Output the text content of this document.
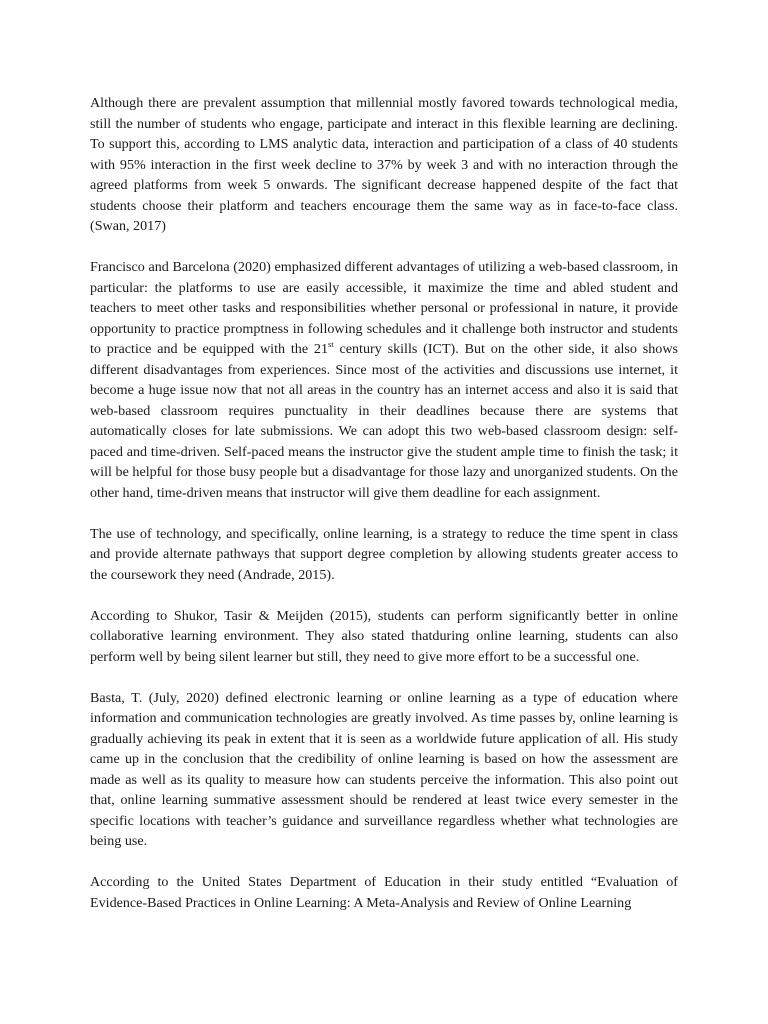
Although there are prevalent assumption that millennial mostly favored towards technological media, still the number of students who engage, participate and interact in this flexible learning are declining. To support this, according to LMS analytic data, interaction and participation of a class of 40 students with 95% interaction in the first week decline to 37% by week 3 and with no interaction through the agreed platforms from week 5 onwards. The significant decrease happened despite of the fact that students choose their platform and teachers encourage them the same way as in face-to-face class. (Swan, 2017)

Francisco and Barcelona (2020) emphasized different advantages of utilizing a web-based classroom, in particular: the platforms to use are easily accessible, it maximize the time and abled student and teachers to meet other tasks and responsibilities whether personal or professional in nature, it provide opportunity to practice promptness in following schedules and it challenge both instructor and students to practice and be equipped with the 21st century skills (ICT). But on the other side, it also shows different disadvantages from experiences. Since most of the activities and discussions use internet, it become a huge issue now that not all areas in the country has an internet access and also it is said that web-based classroom requires punctuality in their deadlines because there are systems that automatically closes for late submissions. We can adopt this two web-based classroom design: self-paced and time-driven. Self-paced means the instructor give the student ample time to finish the task; it will be helpful for those busy people but a disadvantage for those lazy and unorganized students. On the other hand, time-driven means that instructor will give them deadline for each assignment.

The use of technology, and specifically, online learning, is a strategy to reduce the time spent in class and provide alternate pathways that support degree completion by allowing students greater access to the coursework they need (Andrade, 2015).

According to Shukor, Tasir & Meijden (2015), students can perform significantly better in online collaborative learning environment. They also stated thatduring online learning, students can also perform well by being silent learner but still, they need to give more effort to be a successful one.

Basta, T. (July, 2020) defined electronic learning or online learning as a type of education where information and communication technologies are greatly involved. As time passes by, online learning is gradually achieving its peak in extent that it is seen as a worldwide future application of all. His study came up in the conclusion that the credibility of online learning is based on how the assessment are made as well as its quality to measure how can students perceive the information. This also point out that, online learning summative assessment should be rendered at least twice every semester in the specific locations with teacher’s guidance and surveillance regardless whether what technologies are being use.

According to the United States Department of Education in their study entitled “Evaluation of Evidence-Based Practices in Online Learning: A Meta-Analysis and Review of Online Learning
